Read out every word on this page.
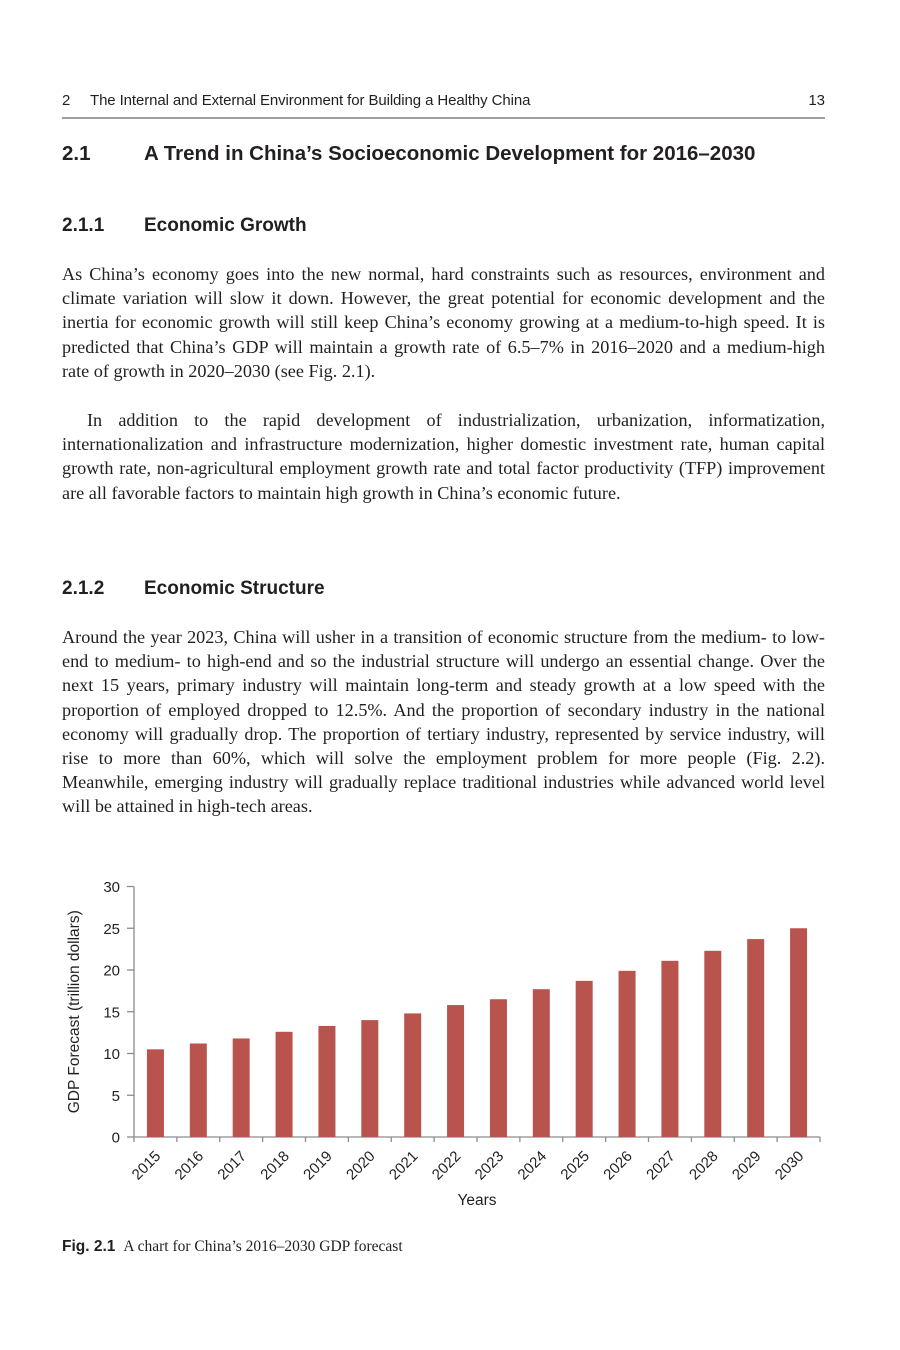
2 The Internal and External Environment for Building a Healthy China	13
2.1	A Trend in China’s Socioeconomic Development for 2016–2030
2.1.1 Economic Growth

As China’s economy goes into the new normal, hard constraints such as resources, environment and climate variation will slow it down. However, the great potential for economic development and the inertia for economic growth will still keep China’s economy growing at a medium-to-high speed. It is predicted that China’s GDP will maintain a growth rate of 6.5–7% in 2016–2020 and a medium-high rate of growth in 2020–2030 (see Fig. 2.1).

In addition to the rapid development of industrialization, urbanization, informatization, internationalization and infrastructure modernization, higher domestic investment rate, human capital growth rate, non-agricultural employment growth rate and total factor productivity (TFP) improvement are all favorable factors to maintain high growth in China’s economic future.

2.1.2 Economic Structure

Around the year 2023, China will usher in a transition of economic structure from the medium- to low-end to medium- to high-end and so the industrial structure will undergo an essential change. Over the next 15 years, primary industry will maintain long-term and steady growth at a low speed with the proportion of employed dropped to 12.5%. And the proportion of secondary industry in the national economy will gradually drop. The proportion of tertiary industry, represented by service industry, will rise to more than 60%, which will solve the employment problem for more people (Fig. 2.2). Meanwhile, emerging industry will gradually replace traditional industries while advanced world level will be attained in high-tech areas.

0
5
10
15
20
25
30
2015 2016 2017 2018 2019 2020 2021 2022 2023 2024 2025 2026 2027 2028 2029 2030
GDP Forecast (trillion dollars)
Years
Fig. 2.1 A chart for China’s 2016–2030 GDP forecast
